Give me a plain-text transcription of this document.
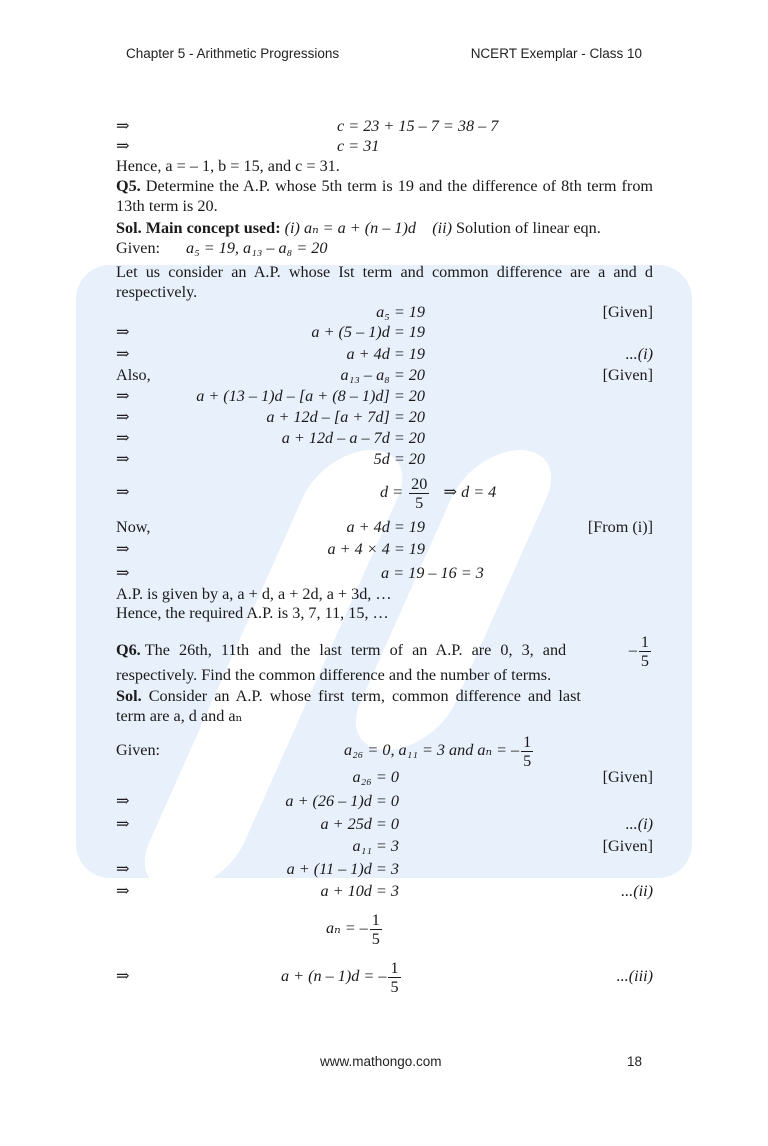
Chapter 5 - Arithmetic Progressions	NCERT Exemplar - Class 10
⇒	c = 23 + 15 – 7 = 38 – 7
⇒	c = 31
Hence, a = – 1, b = 15, and c = 31.
Q5. Determine the A.P. whose 5th term is 19 and the difference of 8th term from 13th term is 20.
Sol. Main concept used: (i) aₙ = a + (n – 1)d (ii) Solution of linear eqn.
Given: a₅ = 19, a₁₃ – a₈ = 20
Let us consider an A.P. whose Ist term and common difference are a and d respectively.
a₅ = 19	[Given]
⇒	a + (5 – 1)d = 19
⇒	a + 4d = 19	...(i)
Also,	a₁₃ – a₈ = 20	[Given]
⇒	a + (13 – 1)d – [a + (8 – 1)d] = 20
⇒	a + 12d – [a + 7d] = 20
⇒	a + 12d – a – 7d = 20
⇒	5d = 20
⇒	$d = \frac{20}{5}$ ⇒ d = 4
Now,	a + 4d = 19	[From (i)]
⇒	a + 4 × 4 = 19
⇒	a = 19 – 16 = 3
A.P. is given by a, a + d, a + 2d, a + 3d, …
Hence, the required A.P. is 3, 7, 11, 15, …
Q6. The 26th, 11th and the last term of an A.P. are 0, 3, and	– $\frac{1}{5}$
respectively. Find the common difference and the number of terms.
Sol. Consider an A.P. whose first term, common difference and last
term are a, d and aₙ
Given:	a₂₆ = 0, a₁₁ = 3 and aₙ = – $\frac{1}{5}$
a₂₆ = 0	[Given]
⇒	a + (26 – 1)d = 0
⇒	a + 25d = 0	...(i)
a₁₁ = 3	[Given]
⇒	a + (11 – 1)d = 3
⇒	a + 10d = 3	...(ii)
aₙ = – $\frac{1}{5}$
⇒	a + (n – 1)d = – $\frac{1}{5}$	...(iii)
www.mathongo.com	18
